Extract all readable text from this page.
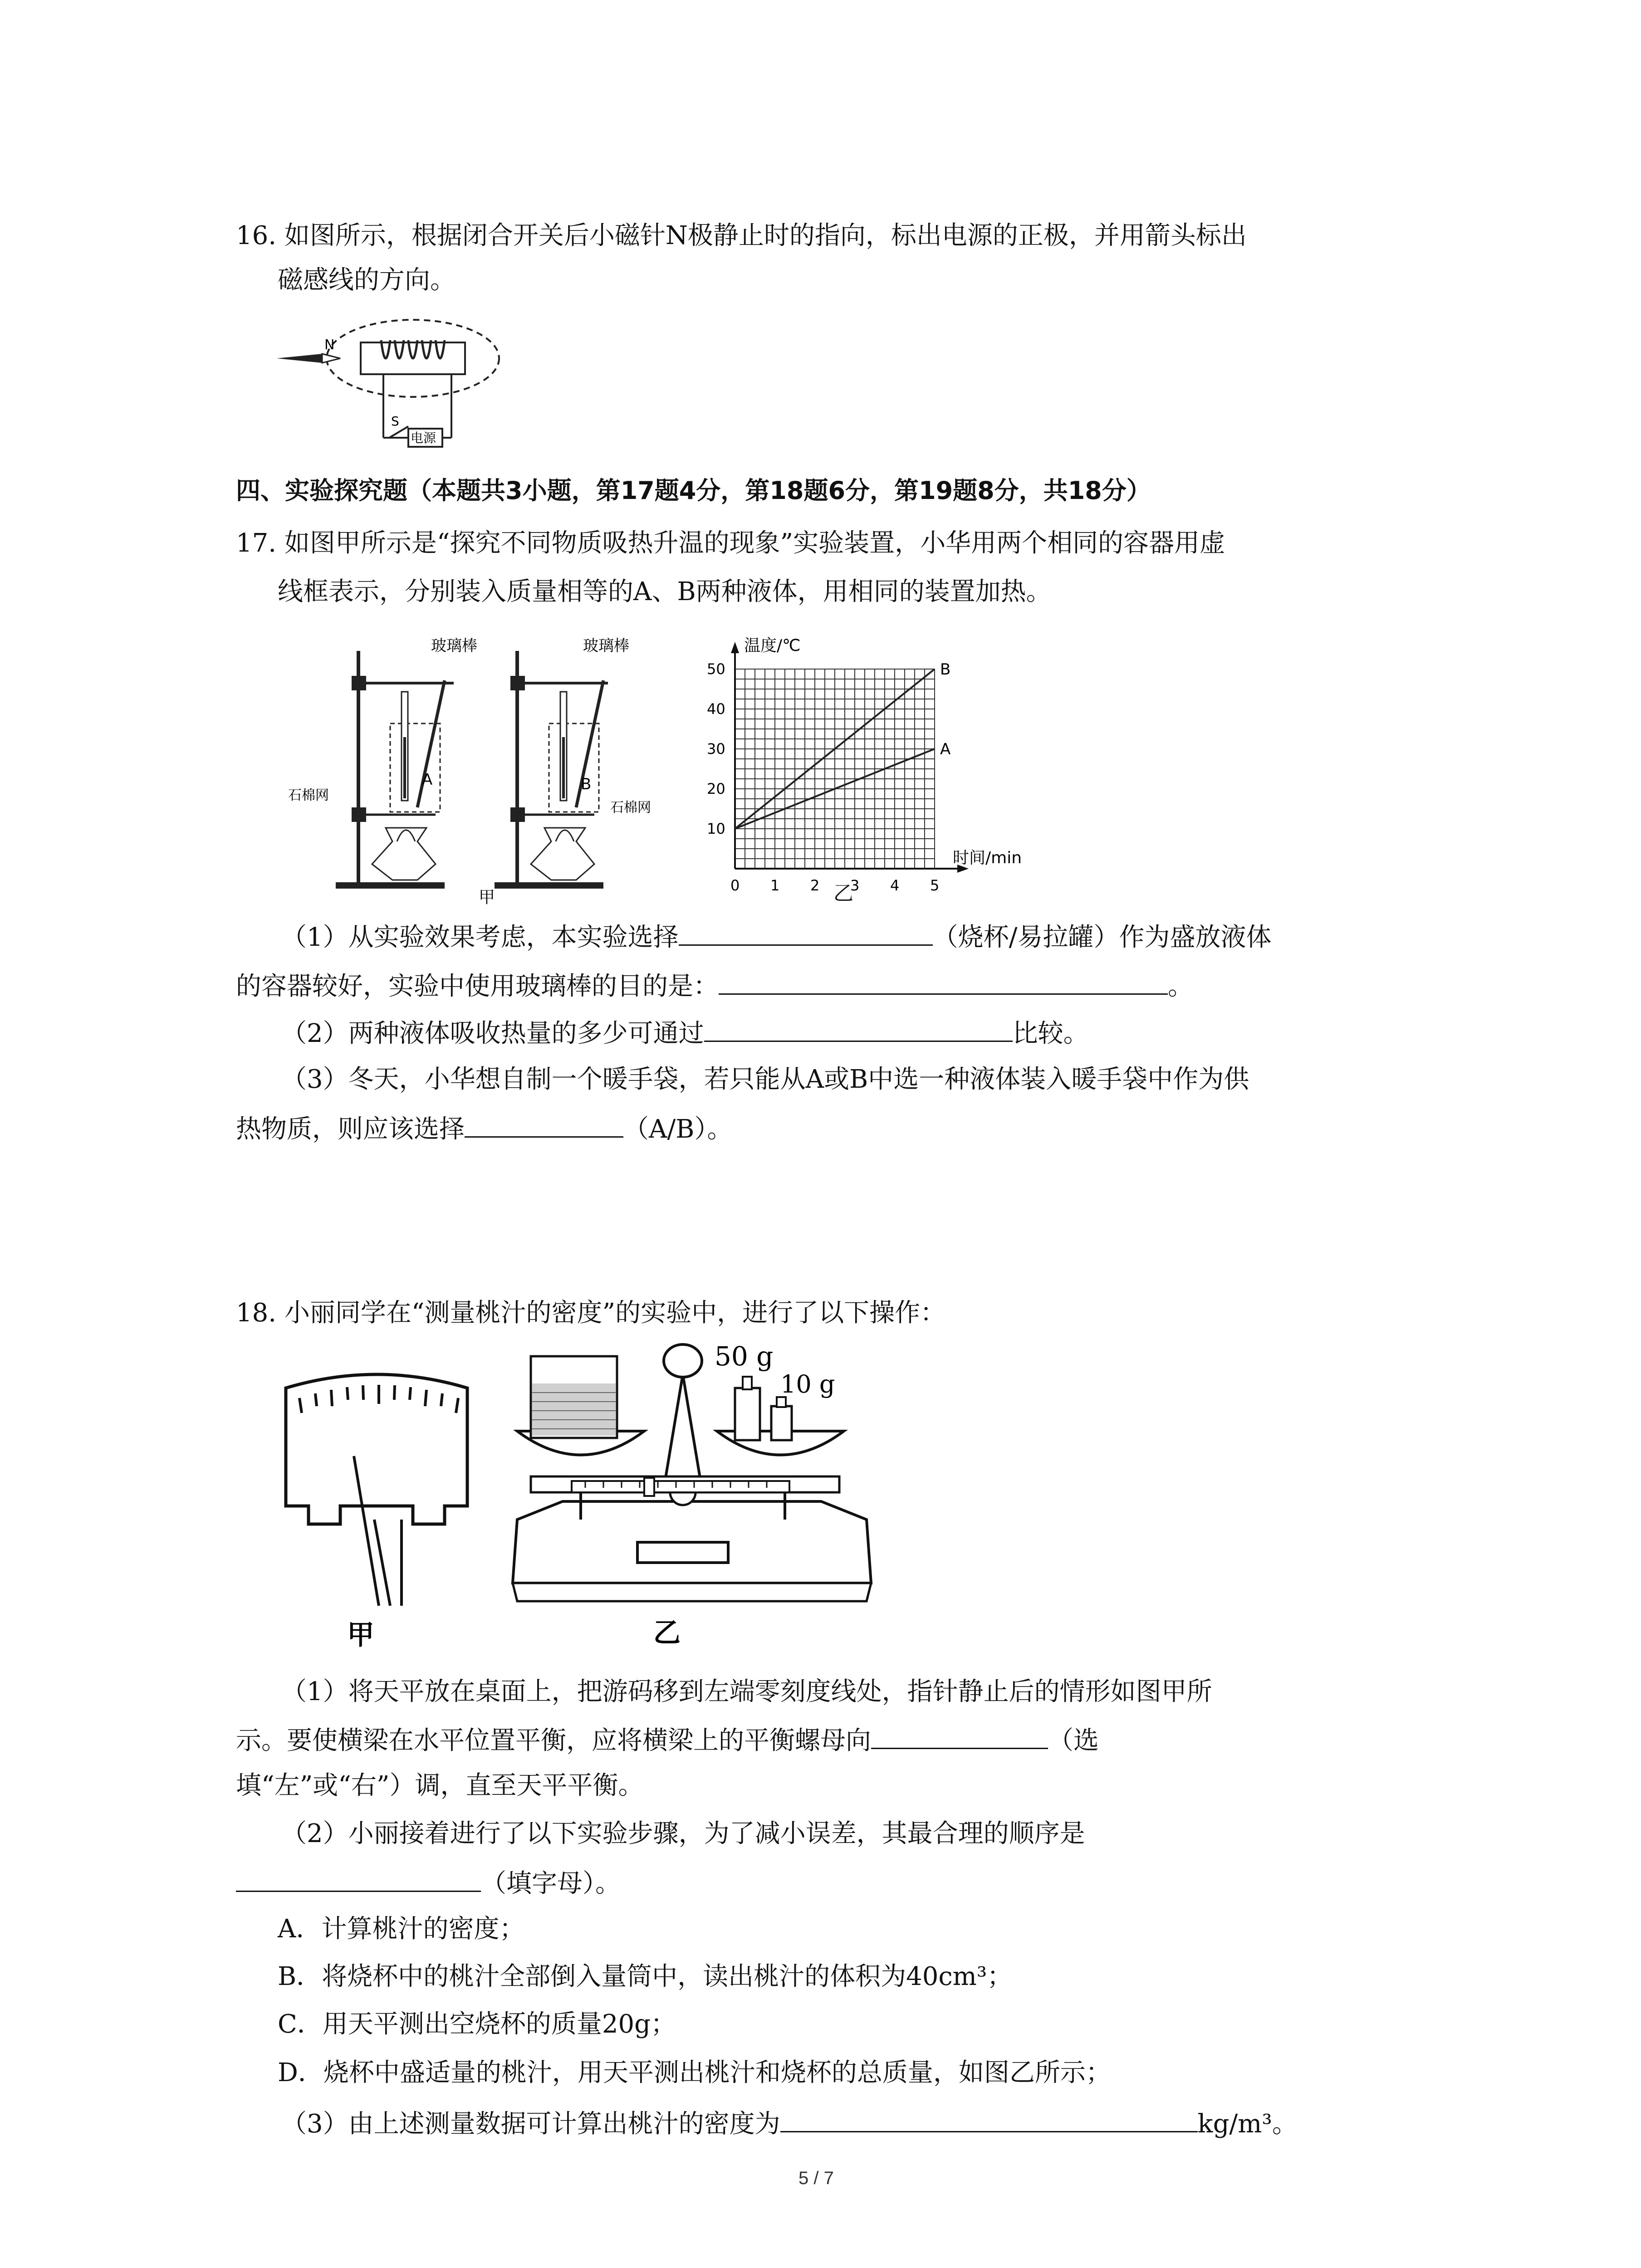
16. 如图所示，根据闭合开关后小磁针N极静止时的指向，标出电源的正极，并用箭头标出
磁感线的方向。
N
S
电源
四、实验探究题（本题共3小题，第17题4分，第18题6分，第19题8分，共18分）
17. 如图甲所示是“探究不同物质吸热升温的现象”实验装置，小华用两个相同的容器用虚
线框表示，分别装入质量相等的A、B两种液体，用相同的装置加热。
玻璃棒
A
石棉网
玻璃棒
B
石棉网
甲
B
A
0 1 2 3 4 5
10
20
30
40
50
温度/℃
时间/min
乙
（1）从实验效果考虑，本实验选择	（烧杯/易拉罐）作为盛放液体
的容器较好，实验中使用玻璃棒的目的是：	。
（2）两种液体吸收热量的多少可通过	比较。
（3）冬天，小华想自制一个暖手袋，若只能从A或B中选一种液体装入暖手袋中作为供
热物质，则应该选择	（A/B）。
18. 小丽同学在“测量桃汁的密度”的实验中，进行了以下操作：
甲
50 g
10 g
乙
（1）将天平放在桌面上，把游码移到左端零刻度线处，指针静止后的情形如图甲所
示。要使横梁在水平位置平衡，应将横梁上的平衡螺母向	（选
填“左”或“右”）调，直至天平平衡。
（2）小丽接着进行了以下实验步骤，为了减小误差，其最合理的顺序是
（填字母）。
A．计算桃汁的密度；
B．将烧杯中的桃汁全部倒入量筒中，读出桃汁的体积为40cm³；
C．用天平测出空烧杯的质量20g；
D．烧杯中盛适量的桃汁，用天平测出桃汁和烧杯的总质量，如图乙所示；
（3）由上述测量数据可计算出桃汁的密度为	kg/m³。
5 / 7
